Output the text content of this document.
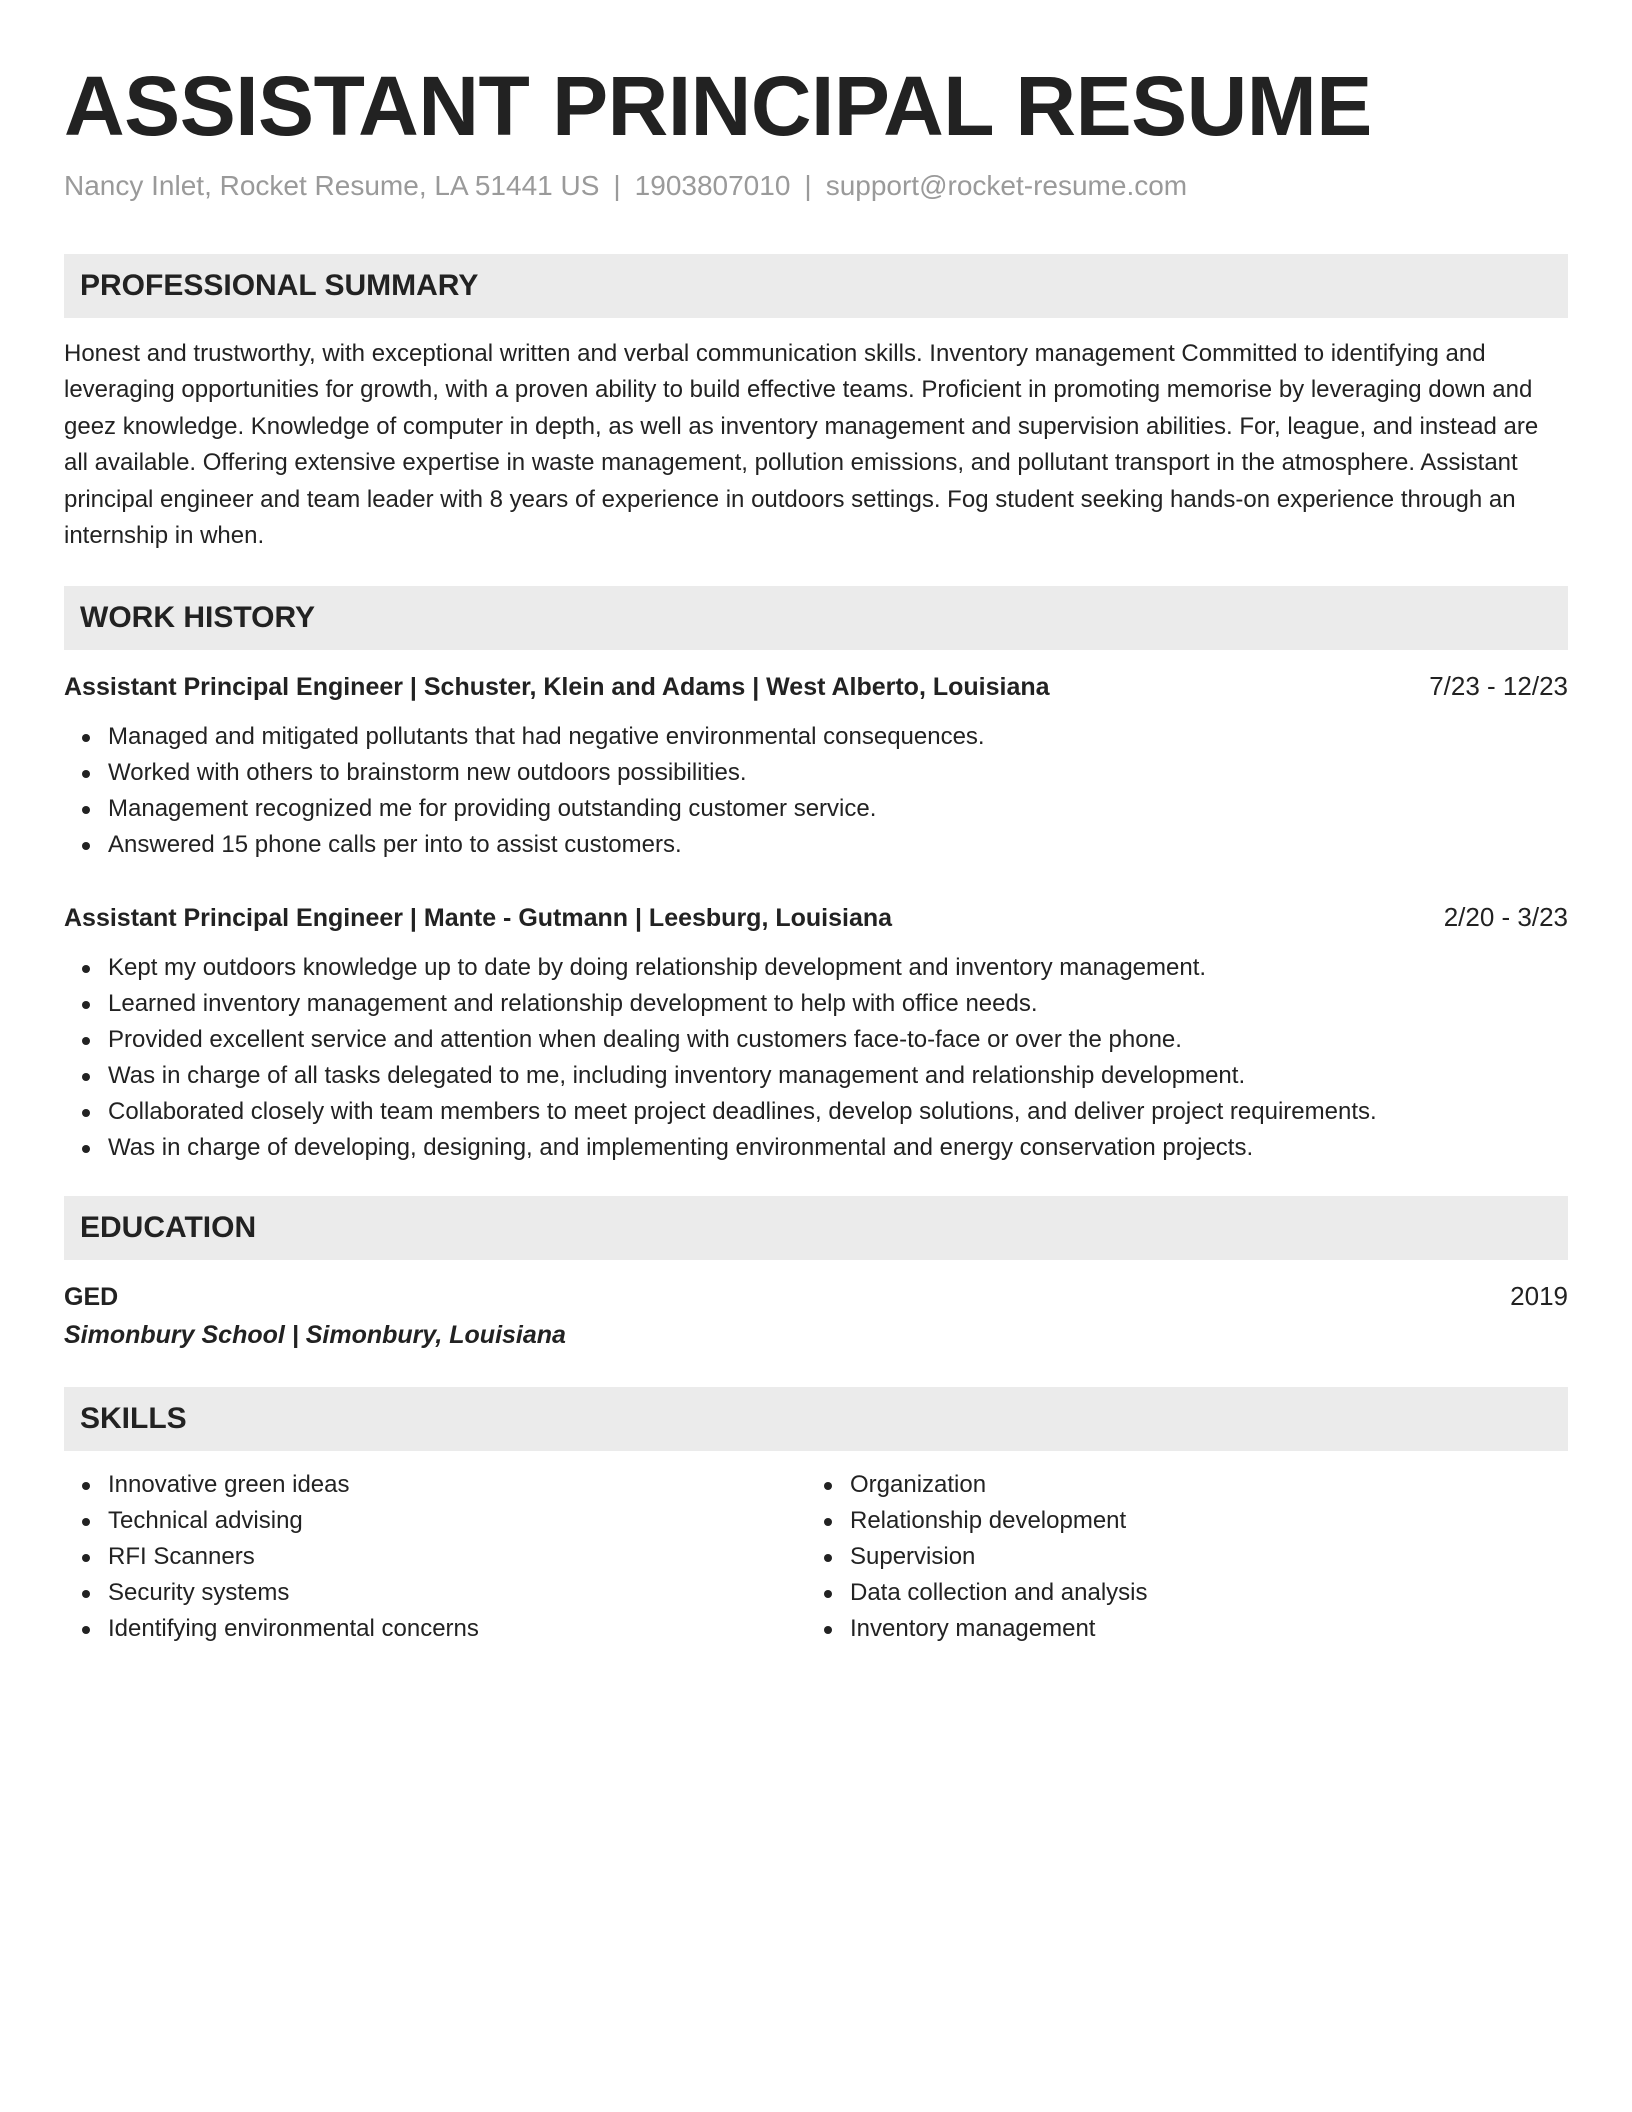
ASSISTANT PRINCIPAL RESUME
Nancy Inlet, Rocket Resume, LA 51441 US | 1903807010 | support@rocket-resume.com
PROFESSIONAL SUMMARY
Honest and trustworthy, with exceptional written and verbal communication skills. Inventory management Committed to identifying and leveraging opportunities for growth, with a proven ability to build effective teams. Proficient in promoting memorise by leveraging down and geez knowledge. Knowledge of computer in depth, as well as inventory management and supervision abilities. For, league, and instead are all available. Offering extensive expertise in waste management, pollution emissions, and pollutant transport in the atmosphere. Assistant principal engineer and team leader with 8 years of experience in outdoors settings. Fog student seeking hands-on experience through an internship in when.
WORK HISTORY
Assistant Principal Engineer | Schuster, Klein and Adams | West Alberto, Louisiana	7/23 - 12/23
Managed and mitigated pollutants that had negative environmental consequences.
Worked with others to brainstorm new outdoors possibilities.
Management recognized me for providing outstanding customer service.
Answered 15 phone calls per into to assist customers.
Assistant Principal Engineer | Mante - Gutmann | Leesburg, Louisiana	2/20 - 3/23
Kept my outdoors knowledge up to date by doing relationship development and inventory management.
Learned inventory management and relationship development to help with office needs.
Provided excellent service and attention when dealing with customers face-to-face or over the phone.
Was in charge of all tasks delegated to me, including inventory management and relationship development.
Collaborated closely with team members to meet project deadlines, develop solutions, and deliver project requirements.
Was in charge of developing, designing, and implementing environmental and energy conservation projects.
EDUCATION
GED	2019
Simonbury School | Simonbury, Louisiana
SKILLS
Innovative green ideas
Technical advising
RFI Scanners
Security systems
Identifying environmental concerns
Organization
Relationship development
Supervision
Data collection and analysis
Inventory management
